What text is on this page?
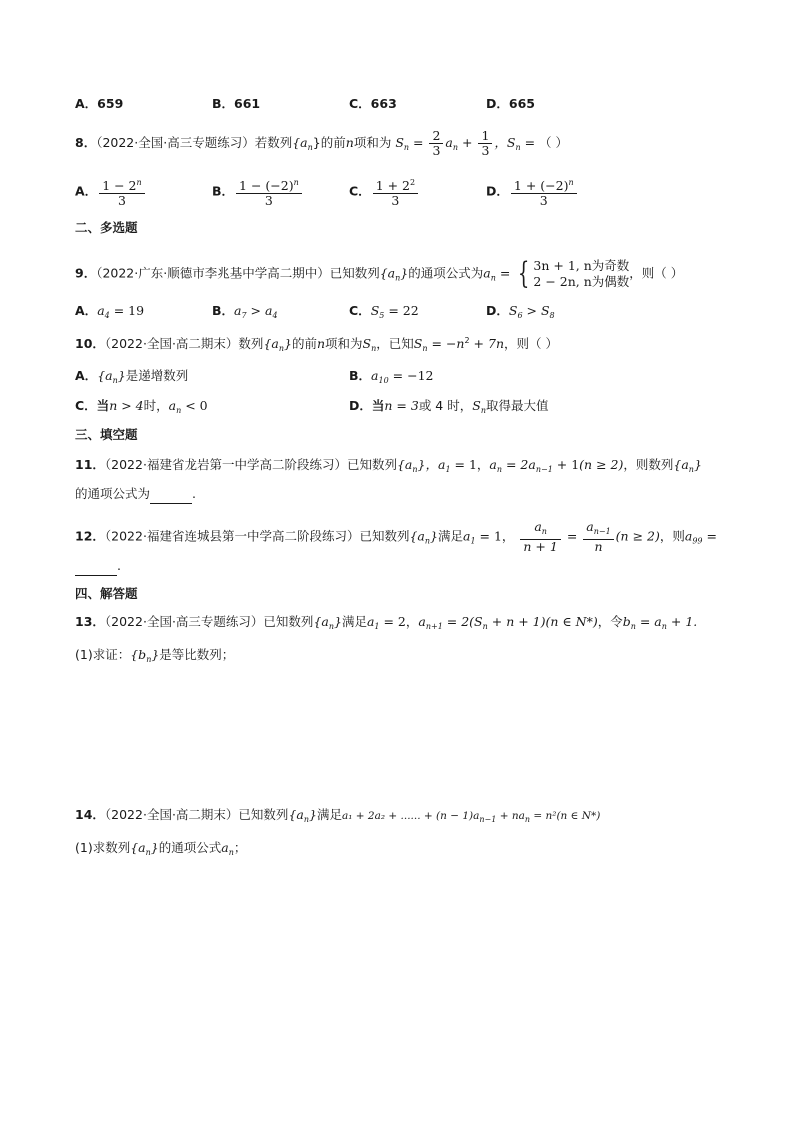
A．659	B．661	C．663	D．665
8．（2022·全国·高三专题练习）若数列$\{a_n\}$的前n项和为 $S_n = \frac{2}{3} a_n + \frac{1}{3}$ ，$S_n$ = （ ）
A． $\frac{1 - 2^n}{3}$	B． $\frac{1 - (-2)^n}{3}$	C． $\frac{1 + 2^2}{3}$	D． $\frac{1 + (-2)^n}{3}$
二、多选题
9．（2022·广东·顺德市李兆基中学高二期中）已知数列$\{a_n\}$的通项公式为$a_n$ = { 3n + 1, n为奇数
2 − 2n, n为偶数
，则（ ）
A．$a_4 = 19$	B．$a_7 > a_4$	C．$S_5 = 22$	D．$S_6 > S_8$
10．（2022·全国·高二期末）数列$\{a_n\}$的前n项和为$S_n$，已知$S_n = -n^2 + 7n$，则（ ）
A．$\{a_n\}$是递增数列	B．$a_{10} = -12$
C．当n > 4时，$a_n < 0$	D．当n = 3或 4 时，$S_n$取得最大值
三、填空题
11．（2022·福建省龙岩第一中学高二阶段练习）已知数列$\{a_n\}$，$a_1 = 1$，$a_n = 2a_{n-1} + 1(n \ge 2)$，则数列$\{a_n\}$
的通项公式为	.
12．（2022·福建省连城县第一中学高二阶段练习）已知数列$\{a_n\}$满足$a_1 = 1$， $\frac{a_n}{n + 1} = \frac{a_{n-1}}{n} (n \ge 2)$，则$a_{99}$ =
.
四、解答题
13．（2022·全国·高三专题练习）已知数列$\{a_n\}$满足$a_1 = 2$，$a_{n+1} = 2(S_n + n + 1)(n$ ∈ N*)，令$b_n = a_n + 1$.
(1)求证：$\{b_n\}$是等比数列；
14．（2022·全国·高二期末）已知数列$\{a_n\}$满足a₁ + 2a₂ + ...... + $(n - 1)a_{n-1} + na_n = n^2(n$ ∈ N*)
(1)求数列$\{a_n\}$的通项公式$a_n$；
